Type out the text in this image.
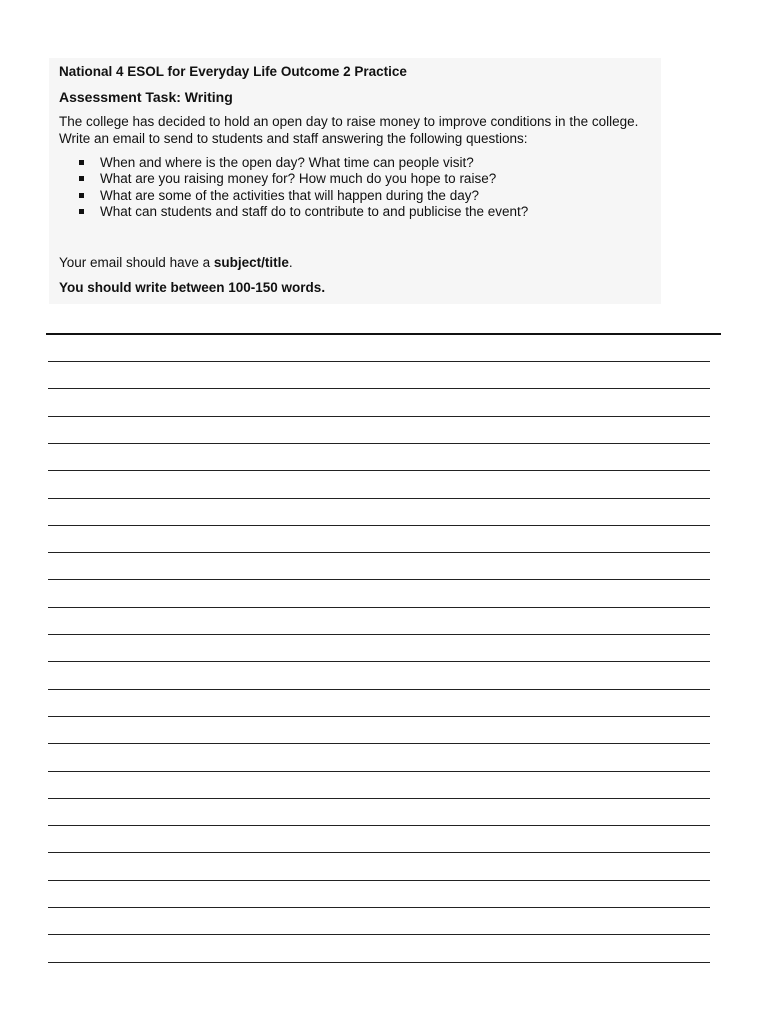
National 4 ESOL for Everyday Life Outcome 2 Practice
Assessment Task: Writing

The college has decided to hold an open day to raise money to improve conditions in the college.

Write an email to send to students and staff answering the following questions:

When and where is the open day? What time can people visit?
What are you raising money for? How much do you hope to raise?
What are some of the activities that will happen during the day?
What can students and staff do to contribute to and publicise the event?
Your email should have a subject/title.
You should write between 100-150 words.
